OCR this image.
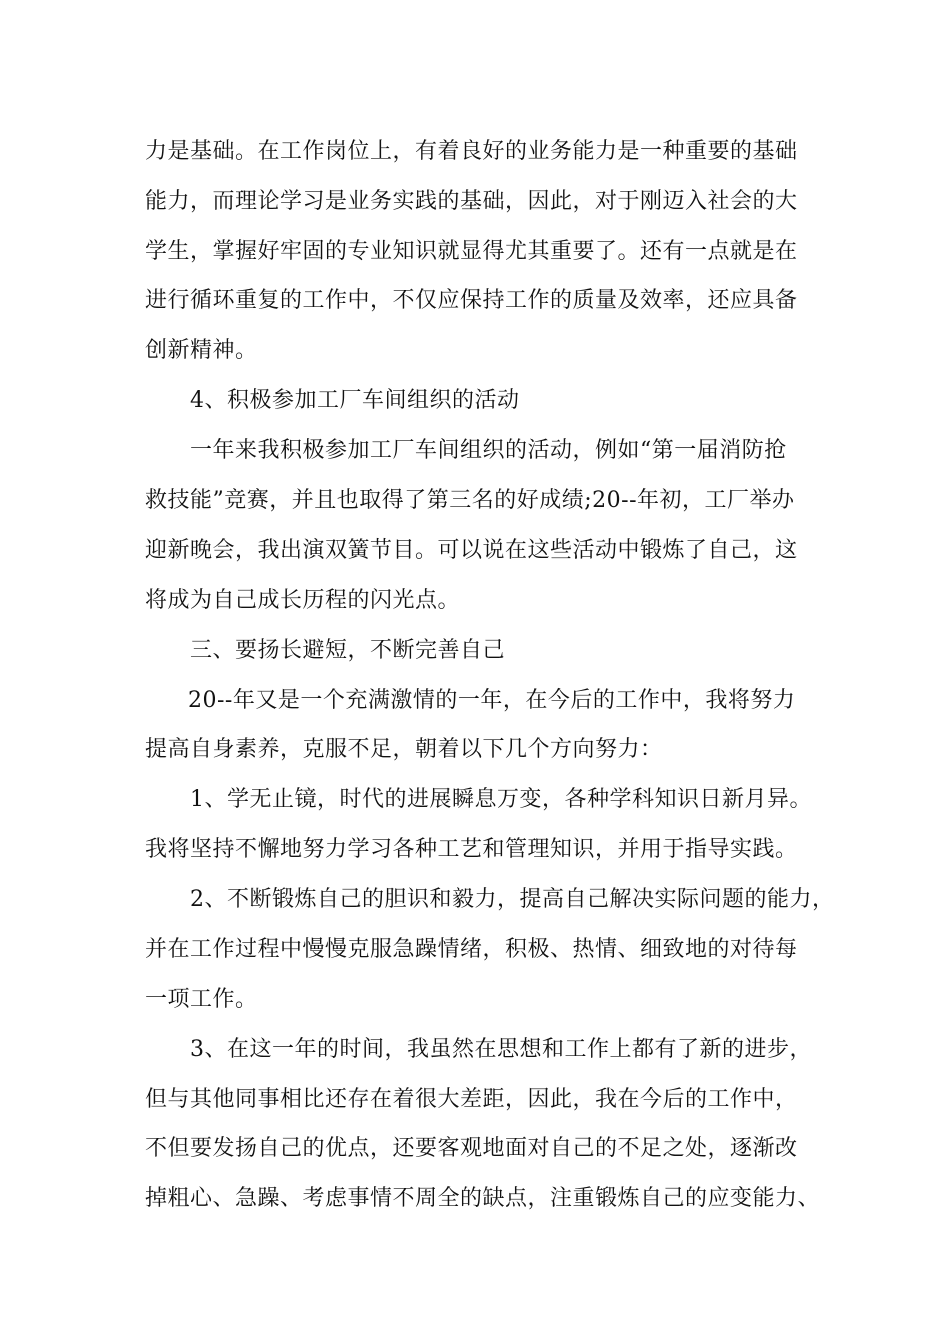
力是基础。在工作岗位上，有着良好的业务能力是一种重要的基础
能力，而理论学习是业务实践的基础，因此，对于刚迈入社会的大
学生，掌握好牢固的专业知识就显得尤其重要了。还有一点就是在
进行循环重复的工作中，不仅应保持工作的质量及效率，还应具备
创新精神。
4、积极参加工厂车间组织的活动
一年来我积极参加工厂车间组织的活动，例如“第一届消防抢
救技能”竞赛，并且也取得了第三名的好成绩;20--年初，工厂举办
迎新晚会，我出演双簧节目。可以说在这些活动中锻炼了自己，这
将成为自己成长历程的闪光点。
三、要扬长避短，不断完善自己
20--年又是一个充满激情的一年，在今后的工作中，我将努力
提高自身素养，克服不足，朝着以下几个方向努力：
1、学无止镜，时代的进展瞬息万变，各种学科知识日新月异。
我将坚持不懈地努力学习各种工艺和管理知识，并用于指导实践。
2、不断锻炼自己的胆识和毅力，提高自己解决实际问题的能力，
并在工作过程中慢慢克服急躁情绪，积极、热情、细致地的对待每
一项工作。
3、在这一年的时间，我虽然在思想和工作上都有了新的进步，
但与其他同事相比还存在着很大差距，因此，我在今后的工作中，
不但要发扬自己的优点，还要客观地面对自己的不足之处，逐渐改
掉粗心、急躁、考虑事情不周全的缺点，注重锻炼自己的应变能力、
